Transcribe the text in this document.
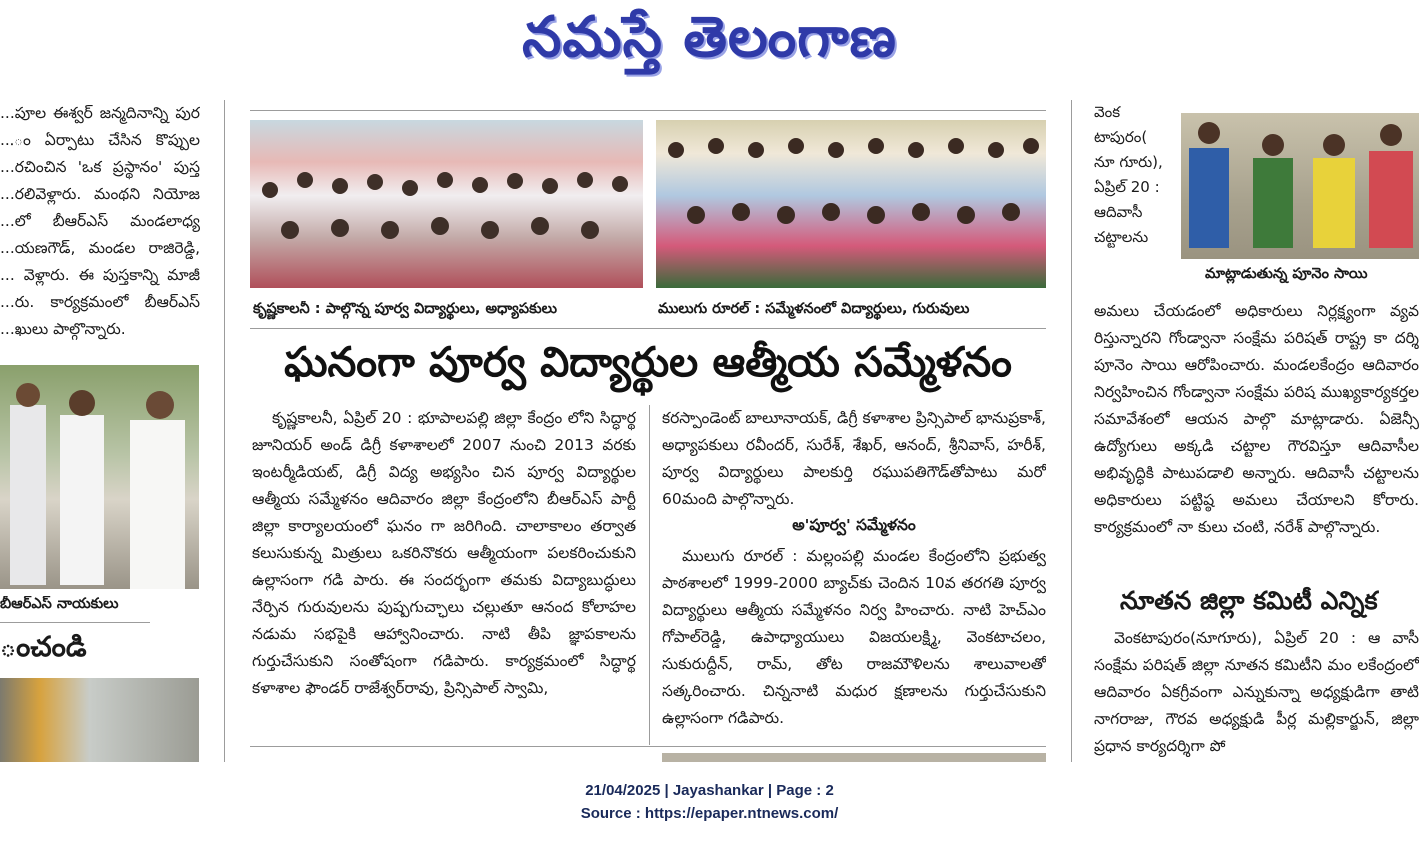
నమస్తే తెలంగాణ

...పూల ఈశ్వర్ జన్మదినాన్ని పుర ...ం ఏర్పాటు చేసిన కొప్పుల ...రచించిన 'ఒక ప్రస్థానం' పుస్త ...రలివెళ్లారు. మంథని నియోజ ...లో బీఆర్ఎస్ మండలాధ్య ...యణగౌడ్, మండల రాజిరెడ్డి, ... వెళ్లారు. ఈ పుస్తకాన్ని మాజీ ...రు. కార్యక్రమంలో బీఆర్ఎస్ ...ఖులు పాల్గొన్నారు.

బీఆర్ఎస్ నాయకులు
ంచండి
కృష్ణకాలనీ : పాల్గొన్న పూర్వ విద్యార్థులు, అధ్యాపకులు	ములుగు రూరల్ : సమ్మేళనంలో విద్యార్థులు, గురువులు
ఘనంగా పూర్వ విద్యార్థుల ఆత్మీయ సమ్మేళనం

కృష్ణకాలనీ, ఏప్రిల్ 20 : భూపాలపల్లి జిల్లా కేంద్రం లోని సిద్ధార్థ జూనియర్ అండ్ డిగ్రీ కళాశాలలో 2007 నుంచి 2013 వరకు ఇంటర్మీడియట్, డిగ్రీ విద్య అభ్యసిం చిన పూర్వ విద్యార్థుల ఆత్మీయ సమ్మేళనం ఆదివారం జిల్లా కేంద్రంలోని బీఆర్ఎస్ పార్టీ జిల్లా కార్యాలయంలో ఘనం గా జరిగింది. చాలాకాలం తర్వాత కలుసుకున్న మిత్రులు ఒకరినొకరు ఆత్మీయంగా పలకరించుకుని ఉల్లాసంగా గడి పారు. ఈ సందర్భంగా తమకు విద్యాబుద్ధులు నేర్పిన గురువులను పుష్పగుచ్ఛాలు చల్లుతూ ఆనంద కోలాహల నడుమ సభపైకి ఆహ్వానించారు. నాటి తీపి జ్ఞాపకాలను గుర్తుచేసుకుని సంతోషంగా గడిపారు. కార్యక్రమంలో సిద్ధార్థ కళాశాల ఫౌండర్ రాజేశ్వర్‌రావు, ప్రిన్సిపాల్ స్వామి,

కరస్పాండెంట్ బాలూనాయక్, డిగ్రీ కళాశాల ప్రిన్సిపాల్ భానుప్రకాశ్, అధ్యాపకులు రవీందర్, సురేశ్, శేఖర్, ఆనంద్, శ్రీనివాస్, హరీశ్, పూర్వ విద్యార్థులు పాలకుర్తి రఘుపతిగౌడ్‌తోపాటు మరో 60మంది పాల్గొన్నారు.

అ'పూర్వ' సమ్మేళనం

ములుగు రూరల్ : మల్లంపల్లి మండల కేంద్రంలోని ప్రభుత్వ పాఠశాలలో 1999-2000 బ్యాచ్‌కు చెందిన 10వ తరగతి పూర్వ విద్యార్థులు ఆత్మీయ సమ్మేళనం నిర్వ హించారు. నాటి హెచ్‌ఎం గోపాల్‌రెడ్డి, ఉపాధ్యాయులు విజయలక్ష్మి, వెంకటాచలం, సుకురుద్దీన్, రామ్, తోట రాజమౌళిలను శాలువాలతో సత్కరించారు. చిన్ననాటి మధుర క్షణాలను గుర్తుచేసుకుని ఉల్లాసంగా గడిపారు.

వెంక టాపురం( నూ గూరు), ఏప్రిల్ 20 : ఆదివాసీ చట్టాలను

మాట్లాడుతున్న పూనెం సాయి

అమలు చేయడంలో అధికారులు నిర్లక్ష్యంగా వ్యవ రిస్తున్నారని గోండ్వానా సంక్షేమ పరిషత్ రాష్ట్ర కా దర్శి పూనెం సాయి ఆరోపించారు. మండలకేంద్రం ఆదివారం నిర్వహించిన గోండ్వానా సంక్షేమ పరిష ముఖ్యకార్యకర్తల సమావేశంలో ఆయన పాల్గొ మాట్లాడారు. ఏజెన్సీ ఉద్యోగులు అక్కడి చట్టాల గౌరవిస్తూ ఆదివాసీల అభివృద్ధికి పాటుపడాలి అన్నారు. ఆదివాసీ చట్టాలను అధికారులు పట్టిష్ఠ అమలు చేయాలని కోరారు. కార్యక్రమంలో నా కులు చంటి, నరేశ్ పాల్గొన్నారు.

నూతన జిల్లా కమిటీ ఎన్నిక

వెంకటాపురం(నూగూరు), ఏప్రిల్ 20 : ఆ వాసీ సంక్షేమ పరిషత్ జిల్లా నూతన కమిటీని మం లకేంద్రంలో ఆదివారం ఏకగ్రీవంగా ఎన్నుకున్నా అధ్యక్షుడిగా తాటి నాగరాజు, గౌరవ అధ్యక్షుడి పీర్ల మల్లికార్జున్, జిల్లా ప్రధాన కార్యదర్శిగా పో

21/04/2025 | Jayashankar | Page : 2
Source : https://epaper.ntnews.com/
